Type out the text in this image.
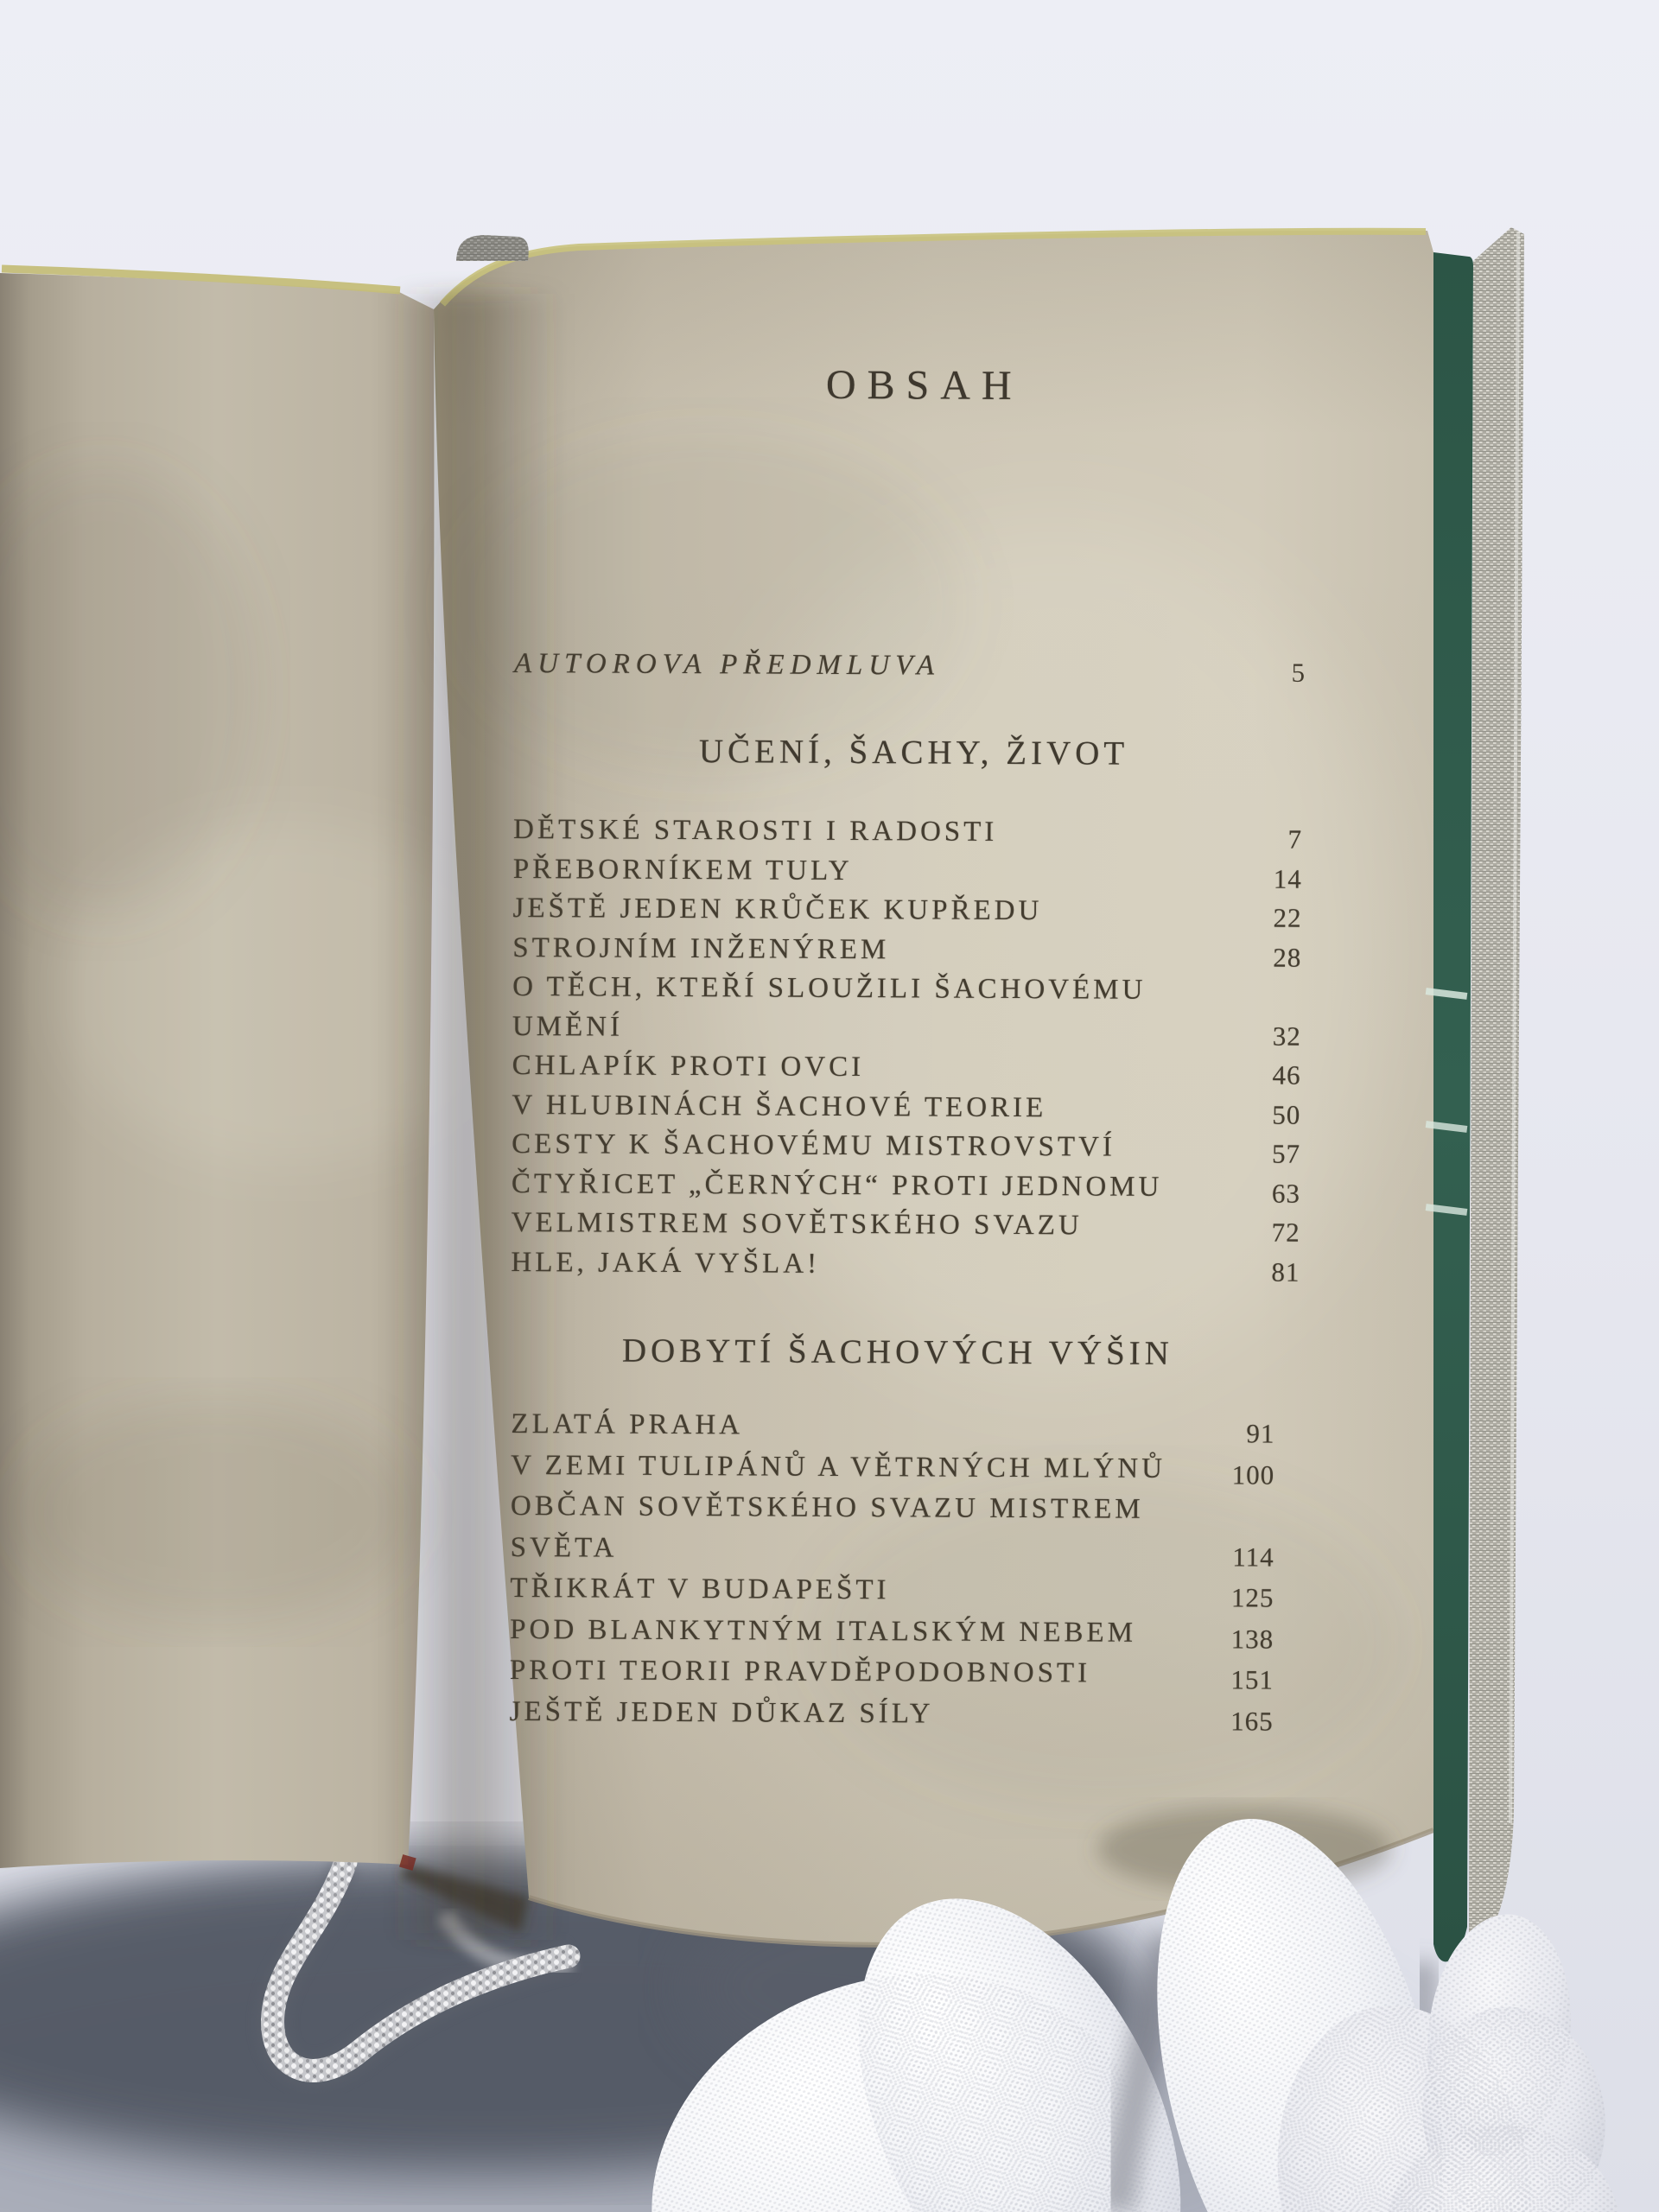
OBSAH
AUTOROVA PŘEDMLUVA	5
UČENÍ, ŠACHY, ŽIVOT
DĚTSKÉ STAROSTI I RADOSTI	7
PŘEBORNÍKEM TULY	14
JEŠTĚ JEDEN KRŮČEK KUPŘEDU	22
STROJNÍM INŽENÝREM	28
O TĚCH, KTEŘÍ SLOUŽILI ŠACHOVÉMU
UMĚNÍ	32
CHLAPÍK PROTI OVCI	46
V HLUBINÁCH ŠACHOVÉ TEORIE	50
CESTY K ŠACHOVÉMU MISTROVSTVÍ	57
ČTYŘICET „ČERNÝCH“ PROTI JEDNOMU	63
VELMISTREM SOVĚTSKÉHO SVAZU	72
HLE, JAKÁ VYŠLA!	81
DOBYTÍ ŠACHOVÝCH VÝŠIN
ZLATÁ PRAHA	91
V ZEMI TULIPÁNŮ A VĚTRNÝCH MLÝNŮ 100
OBČAN SOVĚTSKÉHO SVAZU MISTREM
SVĚTA	114
TŘIKRÁT V BUDAPEŠTI	125
POD BLANKYTNÝM ITALSKÝM NEBEM	138
PROTI TEORII PRAVDĚPODOBNOSTI	151
JEŠTĚ JEDEN DŮKAZ SÍLY	165
